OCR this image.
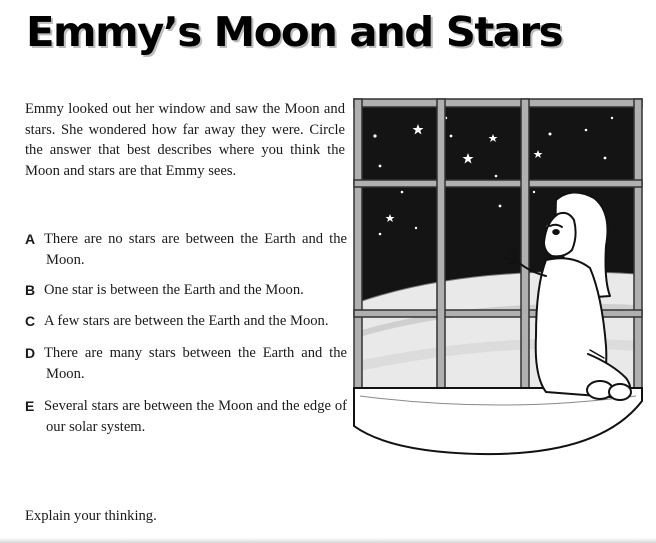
Emmy’s Moon and Stars

Emmy looked out her window and saw the Moon and stars. She wondered how far away they were. Circle the answer that best describes where you think the Moon and stars are that Emmy sees.

A There are no stars are between the Earth and the Moon.
B One star is between the Earth and the Moon.
C A few stars are between the Earth and the Moon.
D There are many stars between the Earth and the Moon.
E Several stars are between the Moon and the edge of our solar system.

Explain your thinking.
